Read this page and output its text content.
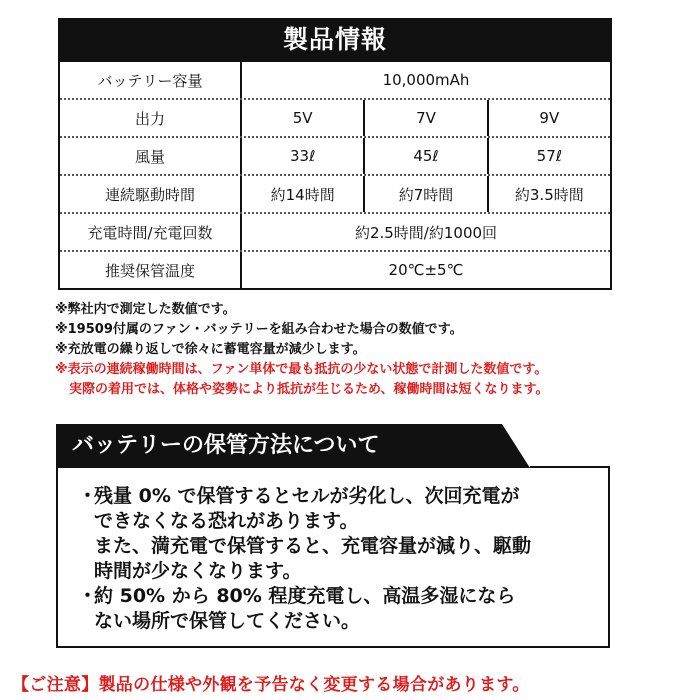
製品情報
バッテリー容量	10,000mAh
出力	5V	7V	9V
風量	33ℓ	45ℓ	57ℓ
連続駆動時間	約14時間	約7時間	約3.5時間
充電時間/充電回数	約2.5時間/約1000回
推奨保管温度	20℃±5℃
※弊社内で測定した数値です。
※19509付属のファン・バッテリーを組み合わせた場合の数値です。
※充放電の繰り返しで徐々に蓄電容量が減少します。
※表示の連続稼働時間は、ファン単体で最も抵抗の少ない状態で計測した数値です。
実際の着用では、体格や姿勢により抵抗が生じるため、稼働時間は短くなります。
バッテリーの保管方法について
・
残量 0% で保管するとセルが劣化し、次回充電が
できなくなる恐れがあります。
また、満充電で保管すると、充電容量が減り、駆動
時間が少なくなります。
・
約 50% から 80% 程度充電し、高温多湿になら
ない場所で保管してください。
【ご注意】製品の仕様や外観を予告なく変更する場合があります。
